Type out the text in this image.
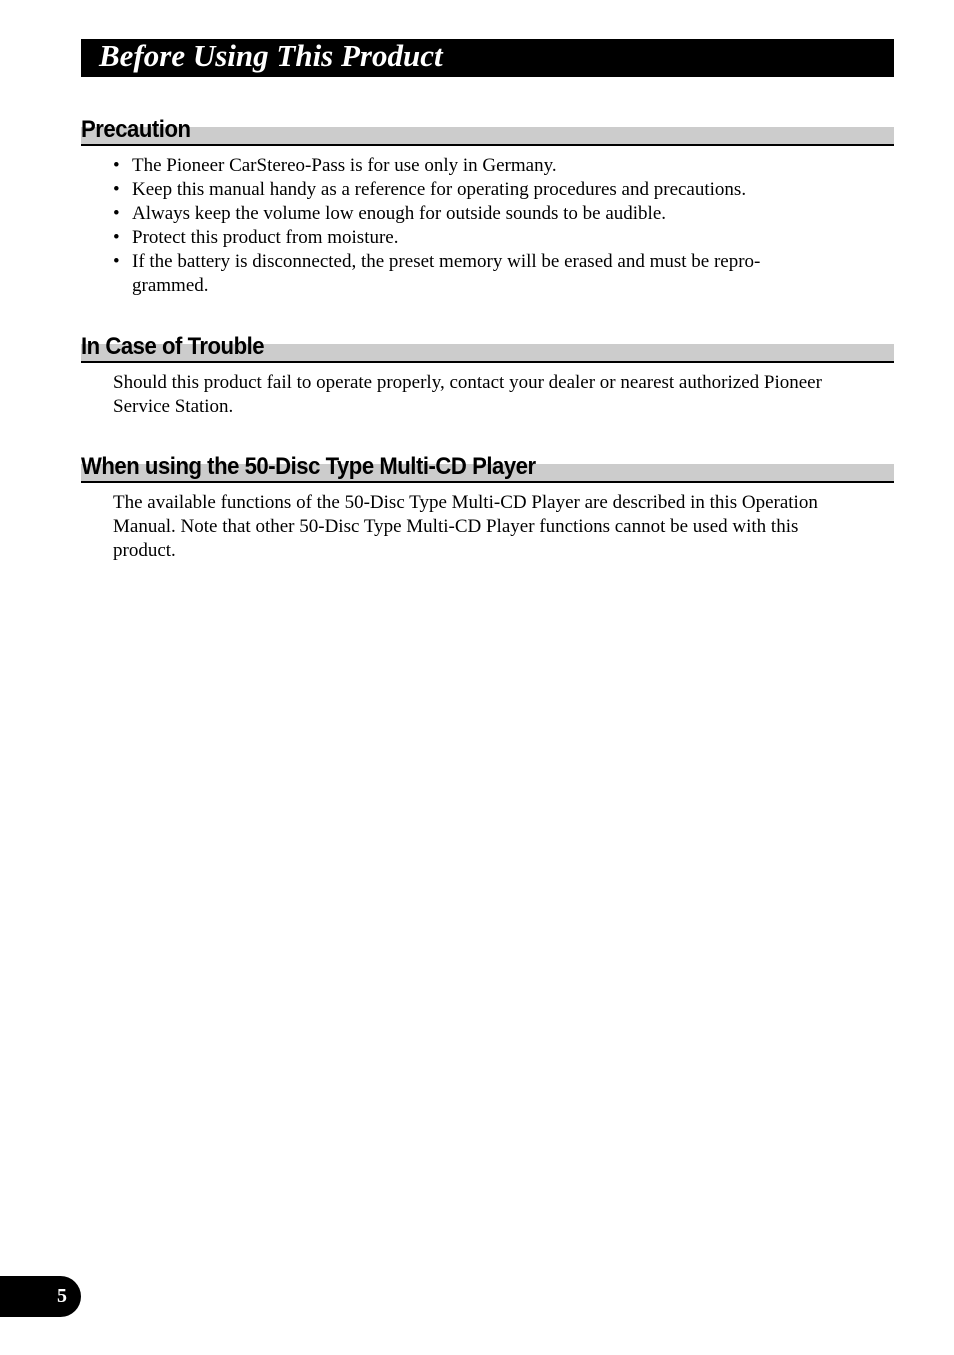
Before Using This Product
Precaution
• The Pioneer CarStereo-Pass is for use only in Germany.
• Keep this manual handy as a reference for operating procedures and precautions.
• Always keep the volume low enough for outside sounds to be audible.
• Protect this product from moisture.
• If the battery is disconnected, the preset memory will be erased and must be repro-grammed.
In Case of Trouble

Should this product fail to operate properly, contact your dealer or nearest authorized Pioneer Service Station.

When using the 50-Disc Type Multi-CD Player

The available functions of the 50-Disc Type Multi-CD Player are described in this Operation Manual. Note that other 50-Disc Type Multi-CD Player functions cannot be used with this product.

5
